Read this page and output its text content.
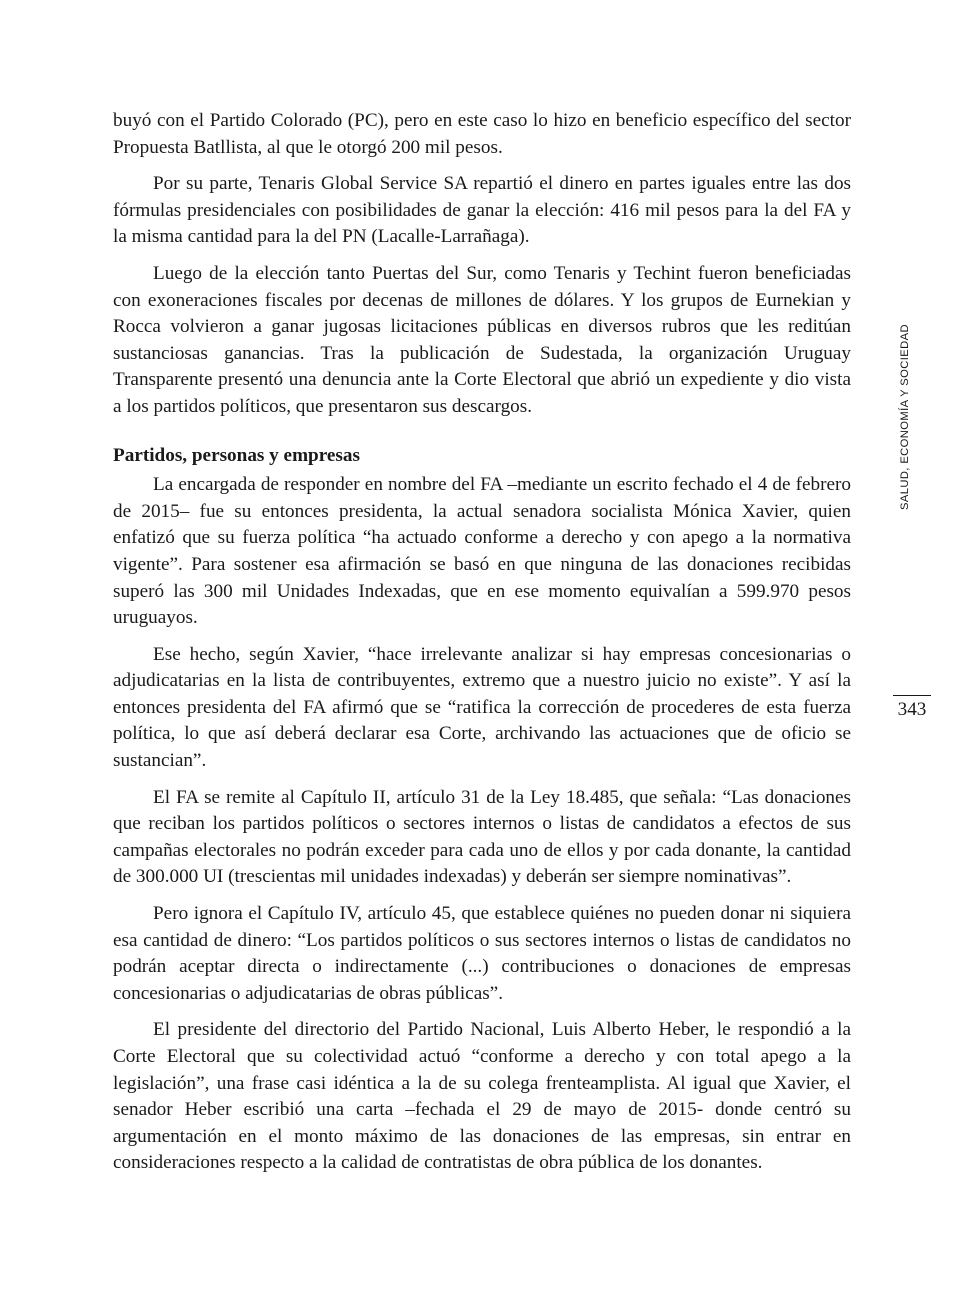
buyó con el Partido Colorado (PC), pero en este caso lo hizo en beneficio específico del sector Propuesta Batllista, al que le otorgó 200 mil pesos.

Por su parte, Tenaris Global Service SA repartió el dinero en partes iguales entre las dos fórmulas presidenciales con posibilidades de ganar la elección: 416 mil pesos para la del FA y la misma cantidad para la del PN (Lacalle-Larrañaga).

Luego de la elección tanto Puertas del Sur, como Tenaris y Techint fueron beneficiadas con exoneraciones fiscales por decenas de millones de dólares. Y los grupos de Eurnekian y Rocca volvieron a ganar jugosas licitaciones públicas en diversos rubros que les reditúan sustanciosas ganancias. Tras la publicación de Sudestada, la organización Uruguay Transparente presentó una denuncia ante la Corte Electoral que abrió un expediente y dio vista a los partidos políticos, que presentaron sus descargos.

Partidos, personas y empresas

La encargada de responder en nombre del FA –mediante un escrito fechado el 4 de febrero de 2015– fue su entonces presidenta, la actual senadora socialista Mónica Xavier, quien enfatizó que su fuerza política “ha actuado conforme a derecho y con apego a la normativa vigente”. Para sostener esa afirmación se basó en que ninguna de las donaciones recibidas superó las 300 mil Unidades Indexadas, que en ese momento equivalían a 599.970 pesos uruguayos.

Ese hecho, según Xavier, “hace irrelevante analizar si hay empresas concesionarias o adjudicatarias en la lista de contribuyentes, extremo que a nuestro juicio no existe”. Y así la entonces presidenta del FA afirmó que se “ratifica la corrección de procederes de esta fuerza política, lo que así deberá declarar esa Corte, archivando las actuaciones que de oficio se sustancian”.

El FA se remite al Capítulo II, artículo 31 de la Ley 18.485, que señala: “Las donaciones que reciban los partidos políticos o sectores internos o listas de candidatos a efectos de sus campañas electorales no podrán exceder para cada uno de ellos y por cada donante, la cantidad de 300.000 UI (trescientas mil unidades indexadas) y deberán ser siempre nominativas”.

Pero ignora el Capítulo IV, artículo 45, que establece quiénes no pueden donar ni siquiera esa cantidad de dinero: “Los partidos políticos o sus sectores internos o listas de candidatos no podrán aceptar directa o indirectamente (...) contribuciones o donaciones de empresas concesionarias o adjudicatarias de obras públicas”.

El presidente del directorio del Partido Nacional, Luis Alberto Heber, le respondió a la Corte Electoral que su colectividad actuó “conforme a derecho y con total apego a la legislación”, una frase casi idéntica a la de su colega frenteamplista. Al igual que Xavier, el senador Heber escribió una carta –fechada el 29 de mayo de 2015- donde centró su argumentación en el monto máximo de las donaciones de las empresas, sin entrar en consideraciones respecto a la calidad de contratistas de obra pública de los donantes.

SALUD, ECONOMÍA Y SOCIEDAD
343
